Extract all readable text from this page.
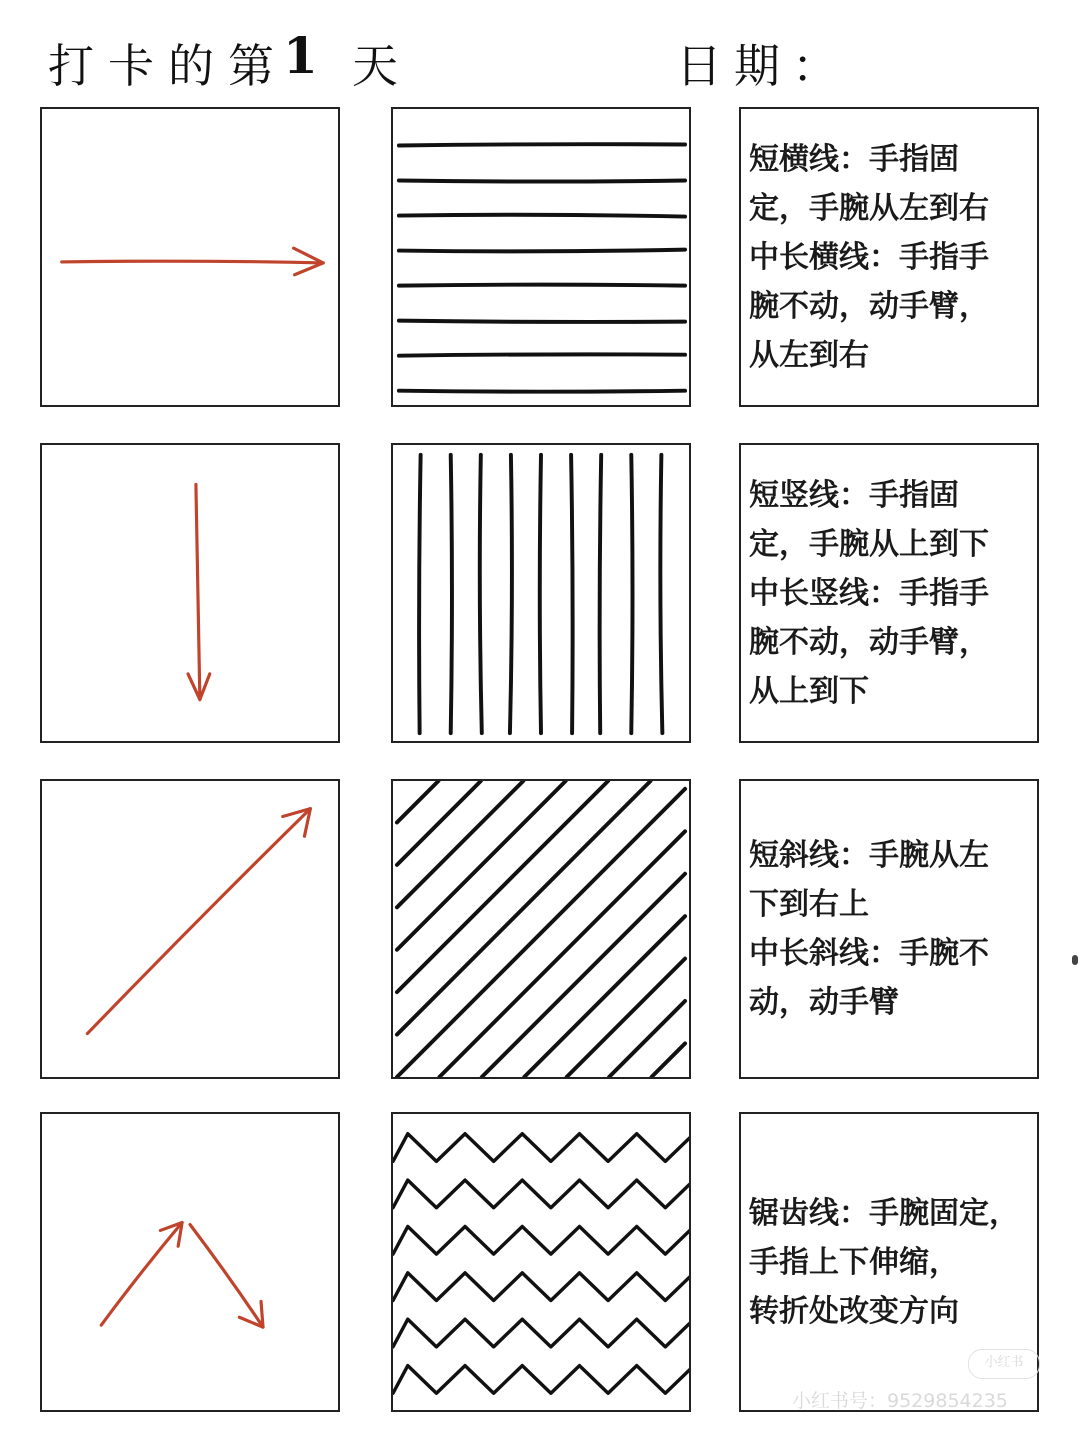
打卡的第
1 天	日期：
短横线：手指固
定，手腕从左到右
中长横线：手指手
腕不动，动手臂，
从左到右
短竖线：手指固
定，手腕从上到下
中长竖线：手指手
腕不动，动手臂，
从上到下
短斜线：手腕从左
下到右上
中长斜线：手腕不
动，动手臂
锯齿线：手腕固定，
手指上下伸缩，
转折处改变方向
小红书
小红书号：9529854235
